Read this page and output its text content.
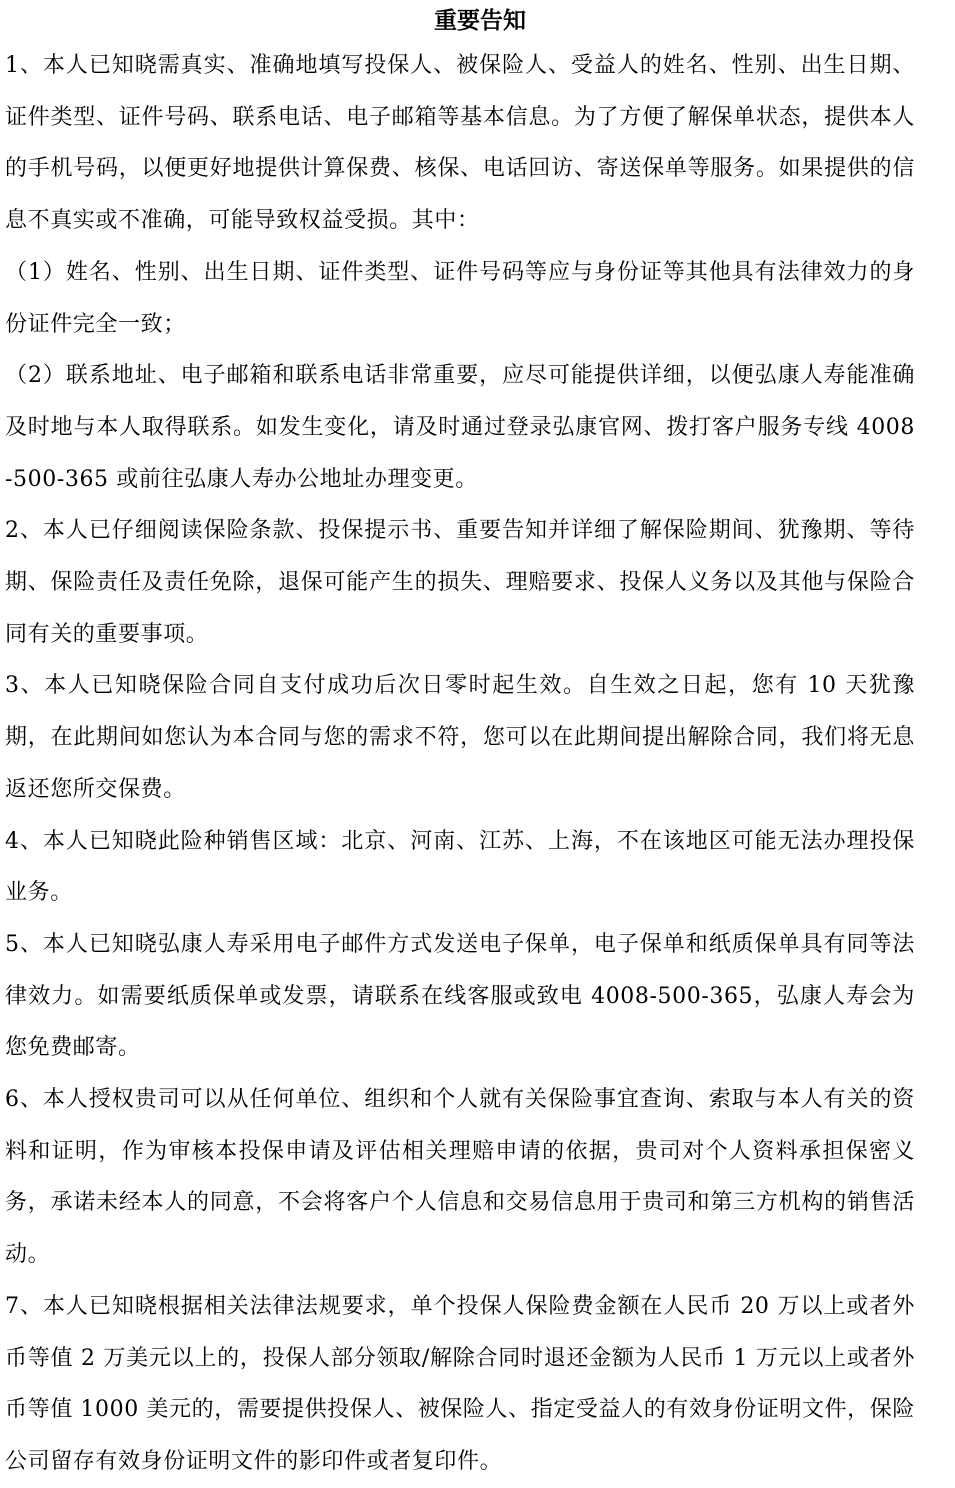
重要告知

1、本人已知晓需真实、准确地填写投保人、被保险人、受益人的姓名、性别、出生日期、证件类型、证件号码、联系电话、电子邮箱等基本信息。为了方便了解保单状态，提供本人的手机号码，以便更好地提供计算保费、核保、电话回访、寄送保单等服务。如果提供的信息不真实或不准确，可能导致权益受损。其中：

（1）姓名、性别、出生日期、证件类型、证件号码等应与身份证等其他具有法律效力的身份证件完全一致；

（2）联系地址、电子邮箱和联系电话非常重要，应尽可能提供详细，以便弘康人寿能准确及时地与本人取得联系。如发生变化，请及时通过登录弘康官网、拨打客户服务专线 4008-500-365 或前往弘康人寿办公地址办理变更。

2、本人已仔细阅读保险条款、投保提示书、重要告知并详细了解保险期间、犹豫期、等待期、保险责任及责任免除，退保可能产生的损失、理赔要求、投保人义务以及其他与保险合同有关的重要事项。

3、本人已知晓保险合同自支付成功后次日零时起生效。自生效之日起，您有 10 天犹豫期，在此期间如您认为本合同与您的需求不符，您可以在此期间提出解除合同，我们将无息返还您所交保费。

4、本人已知晓此险种销售区域：北京、河南、江苏、上海，不在该地区可能无法办理投保业务。

5、本人已知晓弘康人寿采用电子邮件方式发送电子保单，电子保单和纸质保单具有同等法律效力。如需要纸质保单或发票，请联系在线客服或致电 4008-500-365，弘康人寿会为您免费邮寄。

6、本人授权贵司可以从任何单位、组织和个人就有关保险事宜查询、索取与本人有关的资料和证明，作为审核本投保申请及评估相关理赔申请的依据，贵司对个人资料承担保密义务，承诺未经本人的同意，不会将客户个人信息和交易信息用于贵司和第三方机构的销售活动。

7、本人已知晓根据相关法律法规要求，单个投保人保险费金额在人民币 20 万以上或者外币等值 2 万美元以上的，投保人部分领取/解除合同时退还金额为人民币 1 万元以上或者外币等值 1000 美元的，需要提供投保人、被保险人、指定受益人的有效身份证明文件，保险公司留存有效身份证明文件的影印件或者复印件。
